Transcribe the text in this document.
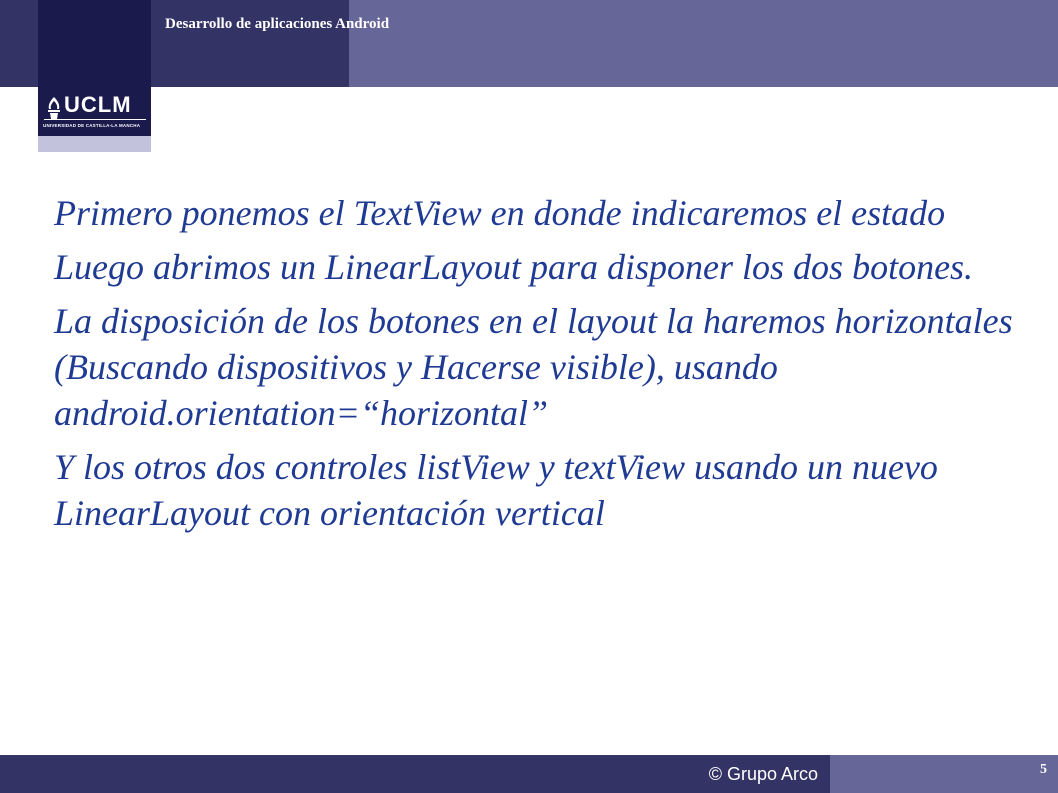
Desarrollo de aplicaciones Android
UCLM
UNIVERSIDAD DE CASTILLA-LA MANCHA

Primero ponemos el TextView en donde indicaremos el estado

Luego abrimos un LinearLayout para disponer los dos botones.

La disposición de los botones en el layout la haremos horizontales (Buscando dispositivos y Hacerse visible), usando android.orientation=“horizontal”

Y los otros dos controles listView y textView usando un nuevo LinearLayout con orientación vertical

© Grupo Arco	5
